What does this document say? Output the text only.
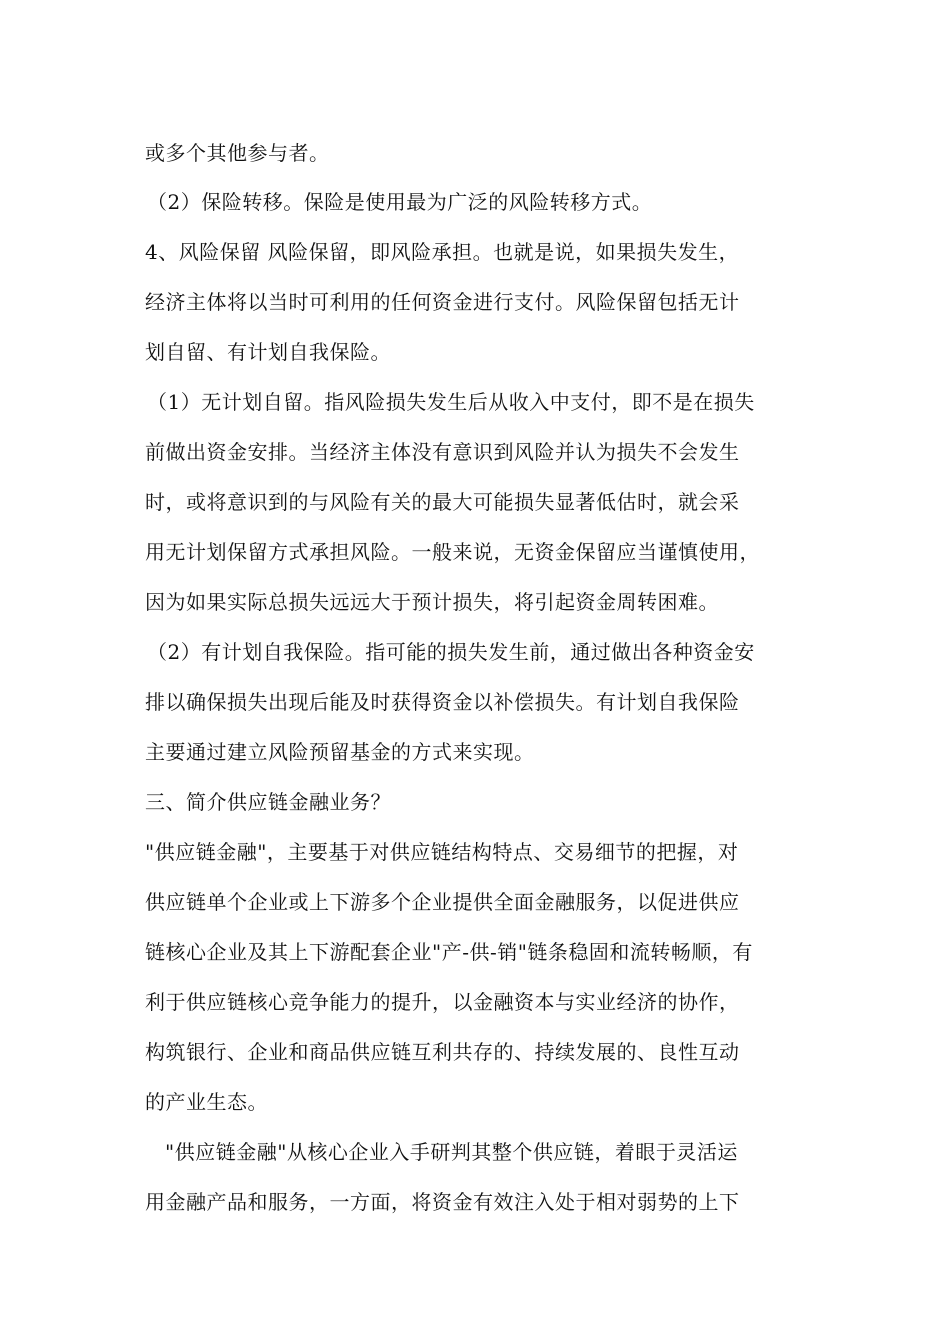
或多个其他参与者。
（2）保险转移。保险是使用最为广泛的风险转移方式。
4、风险保留 风险保留，即风险承担。也就是说，如果损失发生，
经济主体将以当时可利用的任何资金进行支付。风险保留包括无计
划自留、有计划自我保险。
（1）无计划自留。指风险损失发生后从收入中支付，即不是在损失
前做出资金安排。当经济主体没有意识到风险并认为损失不会发生
时，或将意识到的与风险有关的最大可能损失显著低估时，就会采
用无计划保留方式承担风险。一般来说，无资金保留应当谨慎使用，
因为如果实际总损失远远大于预计损失，将引起资金周转困难。
（2）有计划自我保险。指可能的损失发生前，通过做出各种资金安
排以确保损失出现后能及时获得资金以补偿损失。有计划自我保险
主要通过建立风险预留基金的方式来实现。
三、简介供应链金融业务？
"供应链金融"，主要基于对供应链结构特点、交易细节的把握，对
供应链单个企业或上下游多个企业提供全面金融服务，以促进供应
链核心企业及其上下游配套企业"产-供-销"链条稳固和流转畅顺，有
利于供应链核心竞争能力的提升，以金融资本与实业经济的协作，
构筑银行、企业和商品供应链互利共存的、持续发展的、良性互动
的产业生态。
"供应链金融"从核心企业入手研判其整个供应链，着眼于灵活运
用金融产品和服务，一方面，将资金有效注入处于相对弱势的上下
